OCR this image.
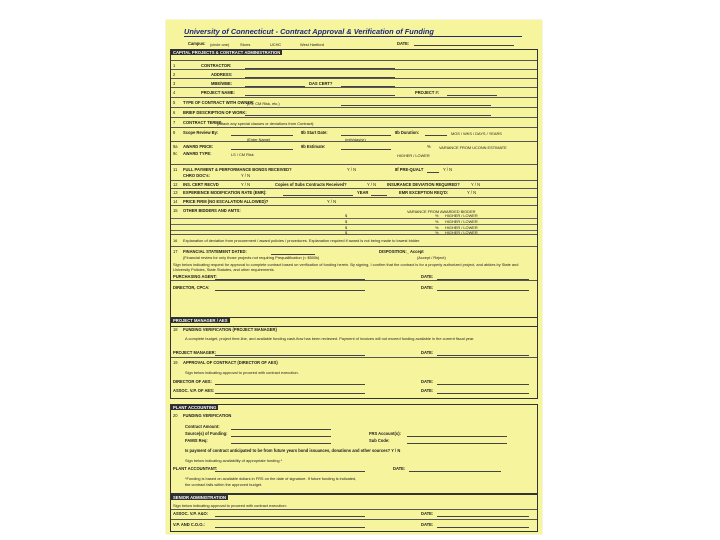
University of Connecticut - Contract Approval & Verification of Funding
Campus: (circle one)	Storrs	UCHC	West Hartford	DATE:
CAPITAL PROJECTS & CONTRACT ADMINISTRATION
1	CONTRACTOR:
2	ADDRESS:
3	MBE/WBE:	DAS CERT?
4	PROJECT NAME:	PROJECT #:
5 TYPE OF CONTRACT WITH OWNER:
(LS, CM Risk, etc.)
6 BRIEF DESCRIPTION OF WORK:
7 CONTRACT TERMS
(Attach any special clauses or deviations from Contract):
8 Scope Review By:
(Enter Name)
8b Start Date:
(mth/day/yr)
8b Duration:	MOS / WKS / DAYS / YEARS
9a AWARD PRICE:	9b Estimate:	% VARIANCE FROM UCONN ESTIMATE
HIGHER / LOWER
9c AWARD TYPE:	LS / CM Risk
11 FULL PAYMENT & PERFORMANCE BONDS RECEIVED?	Y / N	8f PRE-QUALT	Y / N
CHRO DOC's:	Y / N
12 INS. CERT RECVD	Y / N	Copies of Subs Contracts Received?	Y / N	INSURANCE DEVIATION REQUIRED?	Y / N
13 EXPERIENCE MODIFICATION RATE (EMR):	YEAR	EMR EXCEPTION REQ'D:	Y / N
14 PRICE FIRM (NO ESCALATION ALLOWED)?	Y / N
15 OTHER BIDDERS AND AMTS:	VARIANCE FROM AWARDED BIDDER
$	% HIGHER / LOWER
$	% HIGHER / LOWER
$	% HIGHER / LOWER
$	% HIGHER / LOWER
16 Explanation of deviation from procurement / award policies / procedures. Explanation required if award is not being made to lowest bidder.
17 FINANCIAL STATEMENT DATED:
(Financial review for only those projects not requiring Prequalification (< $500k)
DISPOSITION:_ Accept
(Accept / Reject)
Sign below indicating request for approval to complete contract based on verification of funding herein. By signing, I confirm that the contract is for a properly authorized project, and abides by State and University Policies, State Statutes, and other requirements.
PURCHASING AGENT:	DATE:
DIRECTOR, CPCA:	DATE:
PROJECT MANAGER / AES
18 FUNDING VERIFICATION (PROJECT MANAGER)
A complete budget, project time-line, and available funding cash-flow has been reviewed. Payment of invoices will not exceed funding available in the current fiscal year.
PROJECT MANAGER:	DATE:
19 APPROVAL OF CONTRACT (DIRECTOR OF AES)
Sign below indicating approval to proceed with contract execution.
DIRECTOR OF AES:	DATE:
ASSOC. V.P. OF AES:	DATE:
PLANT ACCOUNTING
20 FUNDING VERIFICATION
Contract Amount:
Source(s) of Funding:
FAMIS Req:
FRS Account(s):
Sub Code:
Is payment of contract anticipated to be from future years bond issuances, donations and other sources? Y / N
Sign below indicating availability of appropriate funding *
PLANT ACCOUNTANT:	DATE:
*Funding is based on available dollars in FRS on the date of signature. If future funding is indicated,
the contract falls within the approved budget.
SENIOR ADMINISTRATION
Sign below indicating approval to proceed with contract execution:
ASSOC. V.P. A&O:	DATE:
V.P. AND C.O.O.:	DATE:
